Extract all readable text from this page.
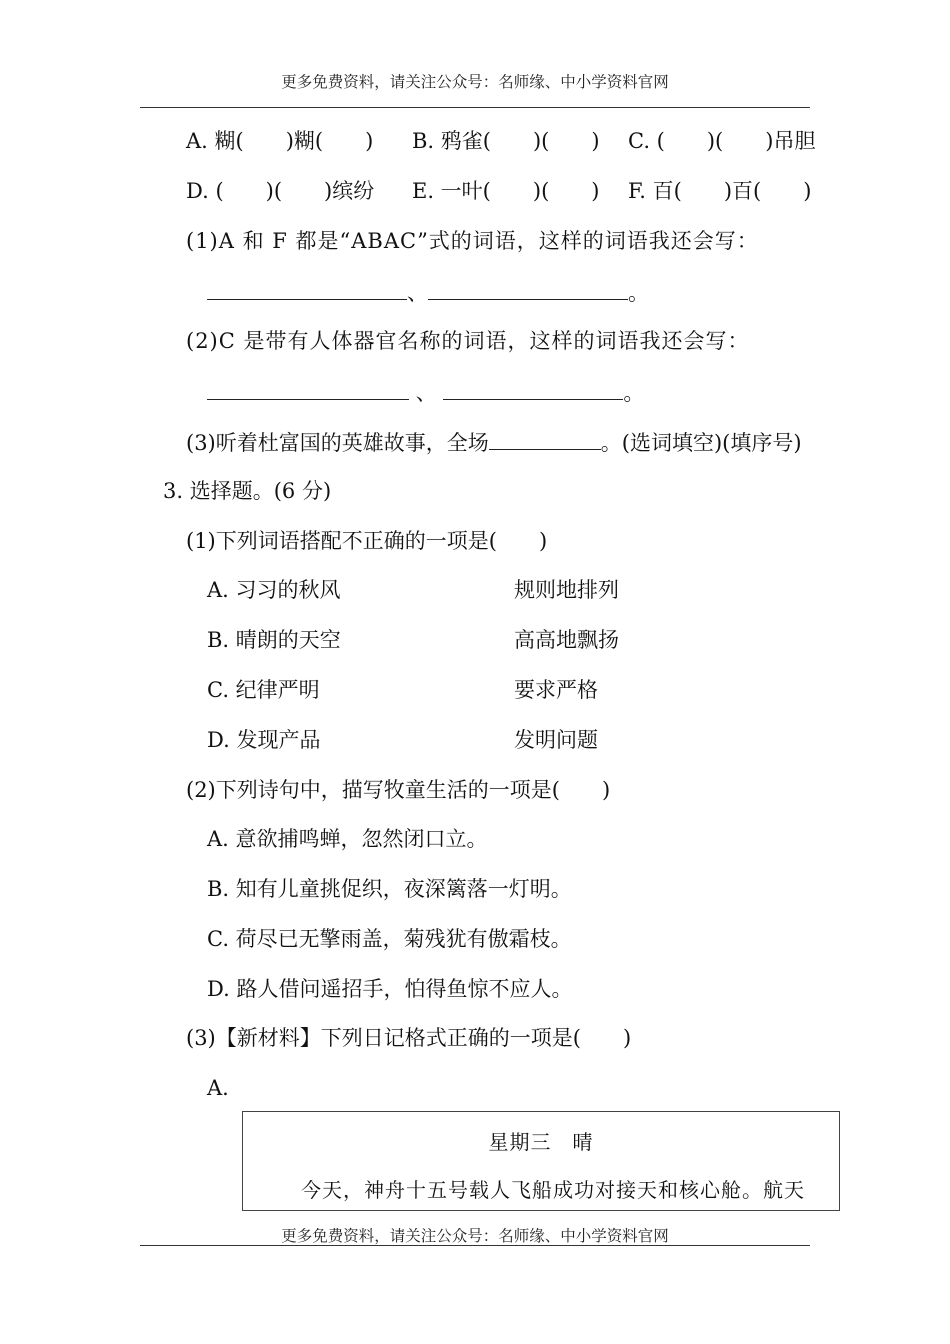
更多免费资料，请关注公众号：名师缘、中小学资料官网
A. 糊(　　)糊(　　) B. 鸦雀(　　)(　　) C. (　　)(　　)吊胆
D. (　　)(　　)缤纷 E. 一叶(　　)(　　) F. 百(　　)百(　　)
(1)A 和 F 都是“ABAC”式的词语，这样的词语我还会写：
、	。
(2)C 是带有人体器官名称的词语，这样的词语我还会写：
、	。
(3)听着杜富国的英雄故事，全场	。(选词填空)(填序号)
3. 选择题。(6 分)
(1)下列词语搭配不正确的一项是(　　)
A. 习习的秋风	规则地排列
B. 晴朗的天空	高高地飘扬
C. 纪律严明	要求严格
D. 发现产品	发明问题
(2)下列诗句中，描写牧童生活的一项是(　　)
A. 意欲捕鸣蝉，忽然闭口立。
B. 知有儿童挑促织，夜深篱落一灯明。
C. 荷尽已无擎雨盖，菊残犹有傲霜枝。
D. 路人借问遥招手，怕得鱼惊不应人。
(3)【新材料】下列日记格式正确的一项是(　　)
A.
星期三　晴
今天，神舟十五号载人飞船成功对接天和核心舱。航天
更多免费资料，请关注公众号：名师缘、中小学资料官网
